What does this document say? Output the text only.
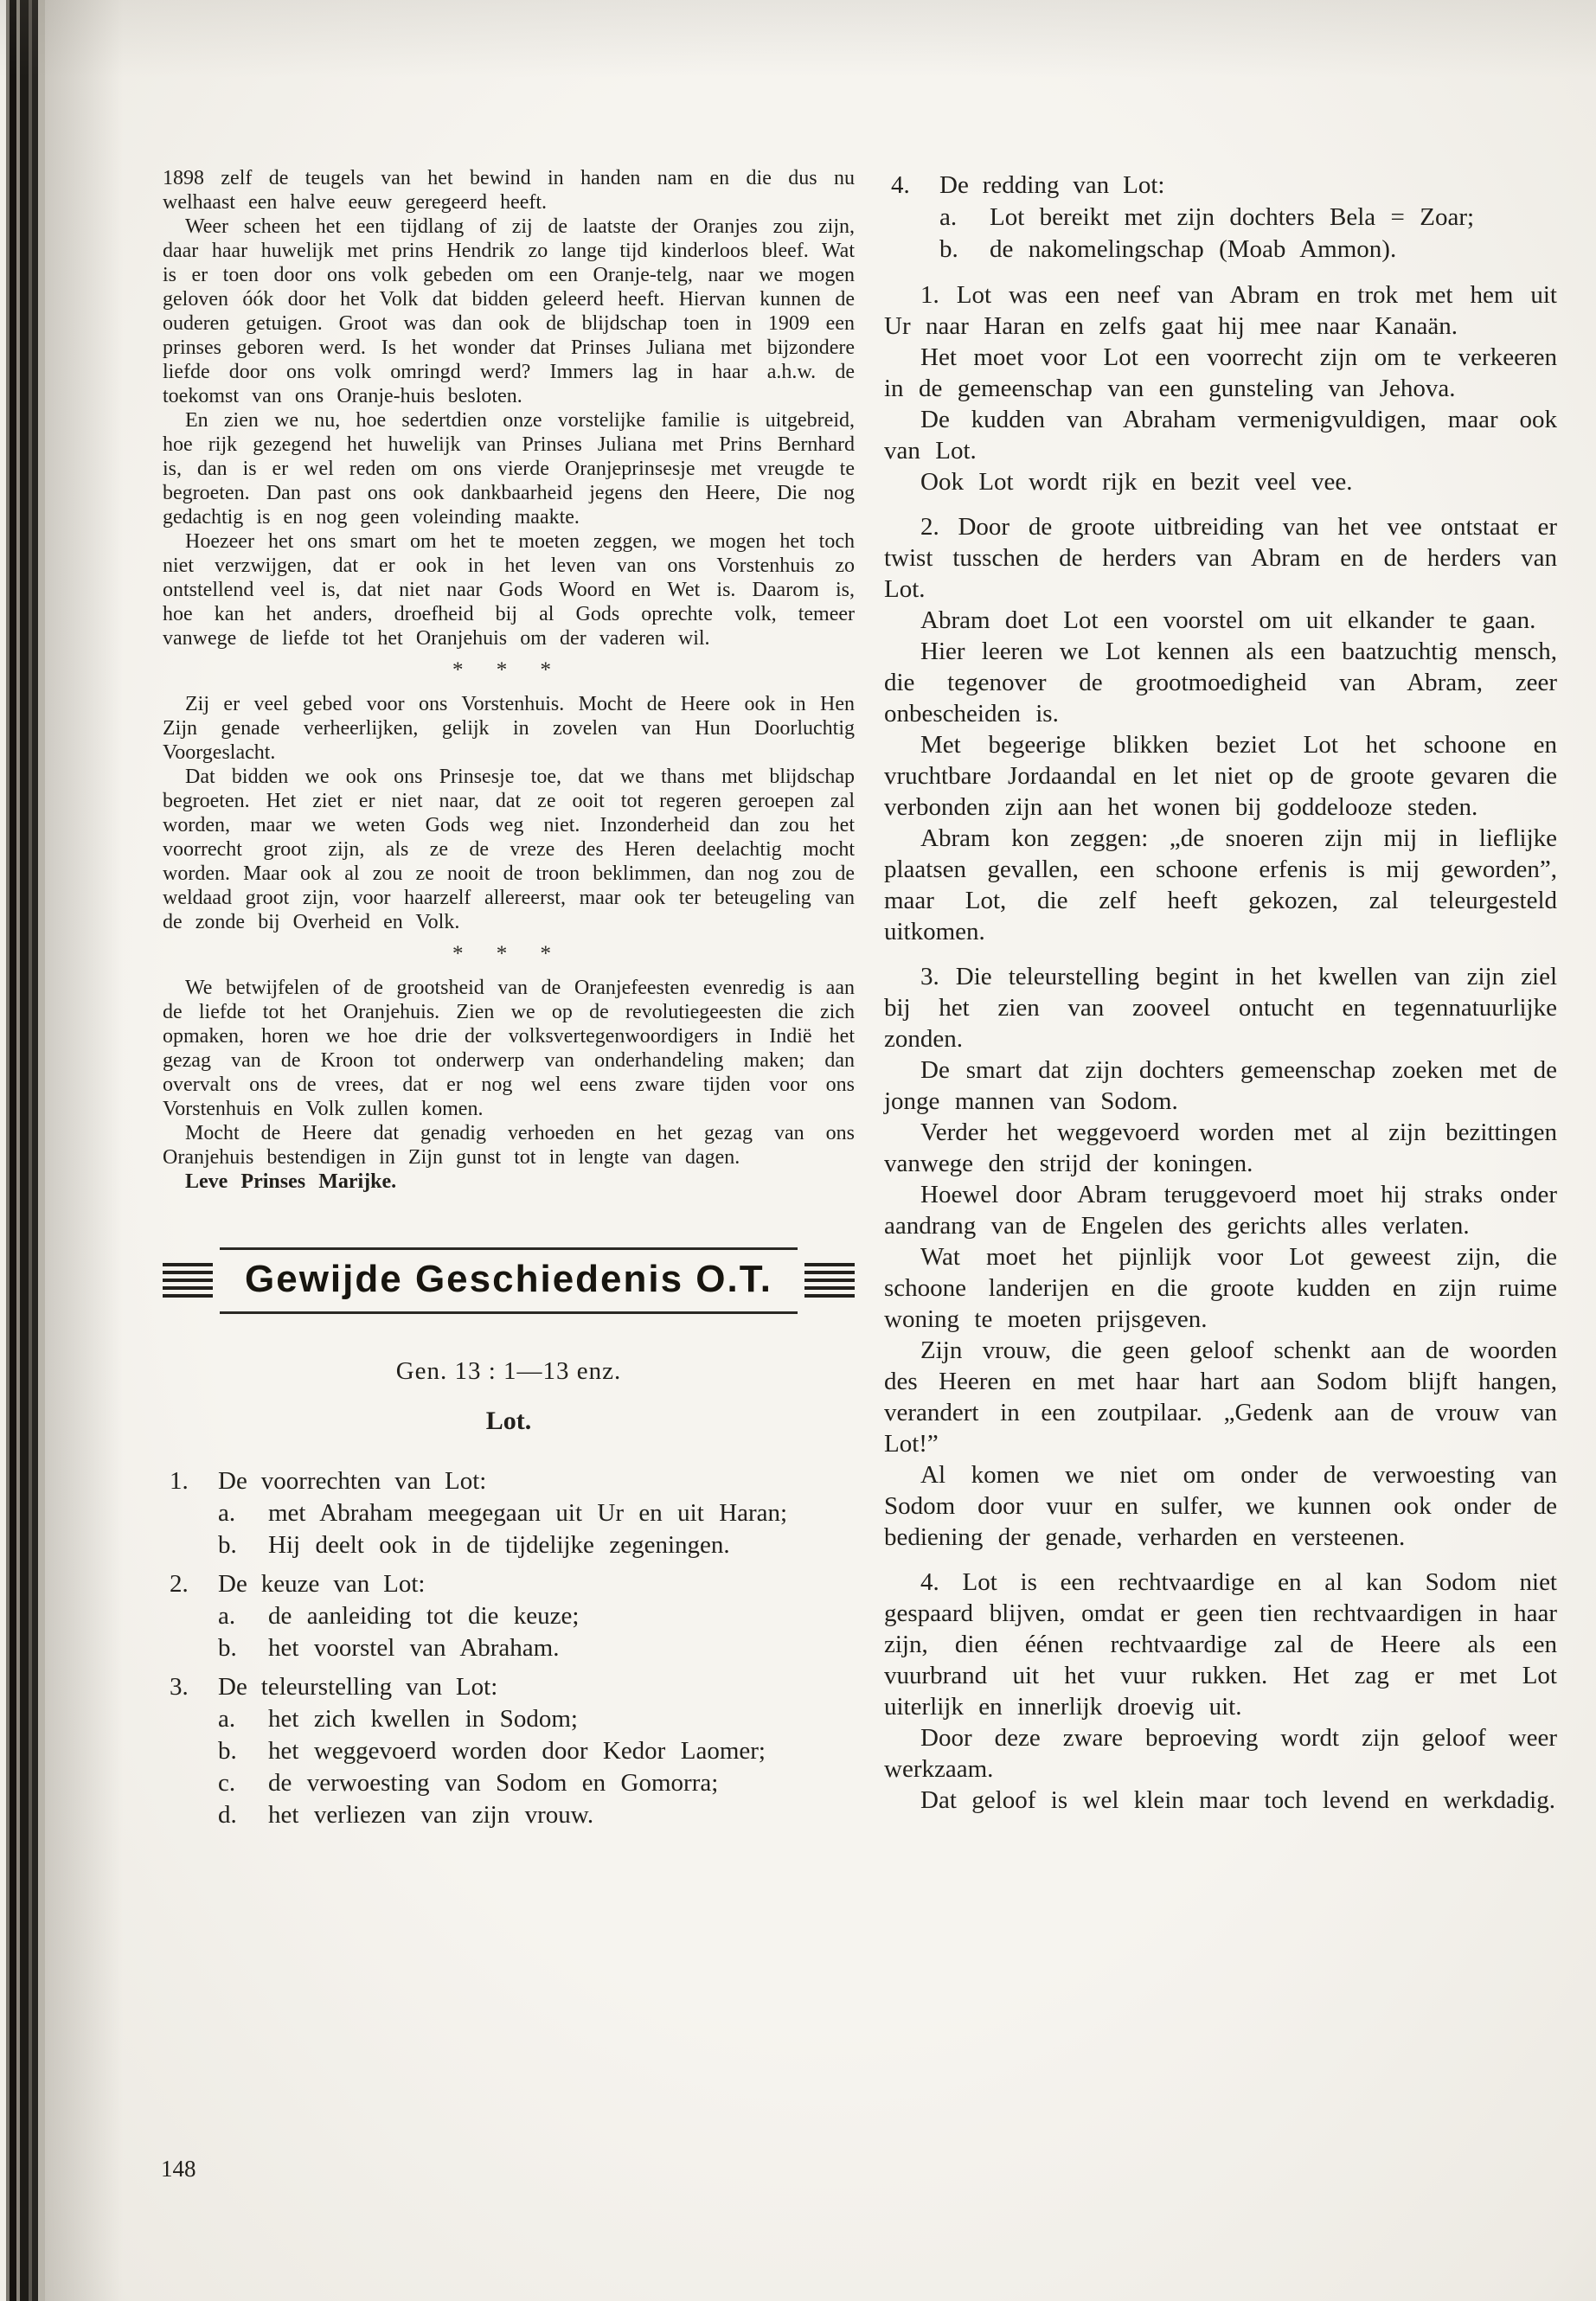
1898 zelf de teugels van het bewind in handen nam en die dus nu welhaast een halve eeuw geregeerd heeft.

Weer scheen het een tijdlang of zij de laatste der Oranjes zou zijn, daar haar huwelijk met prins Hendrik zo lange tijd kinderloos bleef. Wat is er toen door ons volk gebeden om een Oranje-telg, naar we mogen geloven óók door het Volk dat bidden geleerd heeft. Hiervan kunnen de ouderen getuigen. Groot was dan ook de blijdschap toen in 1909 een prinses geboren werd. Is het wonder dat Prinses Juliana met bijzondere liefde door ons volk omringd werd? Immers lag in haar a.h.w. de toekomst van ons Oranje-huis besloten.

En zien we nu, hoe sedertdien onze vorstelijke familie is uitgebreid, hoe rijk gezegend het huwelijk van Prinses Juliana met Prins Bernhard is, dan is er wel reden om ons vierde Oranjeprinsesje met vreugde te begroeten. Dan past ons ook dankbaarheid jegens den Heere, Die nog gedachtig is en nog geen voleinding maakte.

Hoezeer het ons smart om het te moeten zeggen, we mogen het toch niet verzwijgen, dat er ook in het leven van ons Vorstenhuis zo ontstellend veel is, dat niet naar Gods Woord en Wet is. Daarom is, hoe kan het anders, droefheid bij al Gods oprechte volk, temeer vanwege de liefde tot het Oranjehuis om der vaderen wil.

* * *

Zij er veel gebed voor ons Vorstenhuis. Mocht de Heere ook in Hen Zijn genade verheerlijken, gelijk in zovelen van Hun Doorluchtig Voorgeslacht.

Dat bidden we ook ons Prinsesje toe, dat we thans met blijdschap begroeten. Het ziet er niet naar, dat ze ooit tot regeren geroepen zal worden, maar we weten Gods weg niet. Inzonderheid dan zou het voorrecht groot zijn, als ze de vreze des Heren deelachtig mocht worden. Maar ook al zou ze nooit de troon beklimmen, dan nog zou de weldaad groot zijn, voor haarzelf allereerst, maar ook ter beteugeling van de zonde bij Overheid en Volk.

* * *

We betwijfelen of de grootsheid van de Oranjefeesten evenredig is aan de liefde tot het Oranjehuis. Zien we op de revolutiegeesten die zich opmaken, horen we hoe drie der volksvertegenwoordigers in Indië het gezag van de Kroon tot onderwerp van onderhandeling maken; dan overvalt ons de vrees, dat er nog wel eens zware tijden voor ons Vorstenhuis en Volk zullen komen.

Mocht de Heere dat genadig verhoeden en het gezag van ons Oranjehuis bestendigen in Zijn gunst tot in lengte van dagen.

Leve Prinses Marijke.

Gewijde Geschiedenis O.T.
Gen. 13 : 1—13 enz.
Lot.
1.	De voorrechten van Lot:
a.	met Abraham meegegaan uit Ur en uit Haran;
b.	Hij deelt ook in de tijdelijke zegeningen.
2.	De keuze van Lot:
a.	de aanleiding tot die keuze;
b.	het voorstel van Abraham.
3.	De teleurstelling van Lot:
a.	het zich kwellen in Sodom;
b.	het weggevoerd worden door Kedor Laomer;
c.	de verwoesting van Sodom en Gomorra;
d.	het verliezen van zijn vrouw.
4.	De redding van Lot:
a.	Lot bereikt met zijn dochters Bela = Zoar;
b.	de nakomelingschap (Moab Ammon).

1. Lot was een neef van Abram en trok met hem uit Ur naar Haran en zelfs gaat hij mee naar Kanaän.

Het moet voor Lot een voorrecht zijn om te verkeeren in de gemeenschap van een gunsteling van Jehova.

De kudden van Abraham vermenigvuldigen, maar ook van Lot.

Ook Lot wordt rijk en bezit veel vee.

2. Door de groote uitbreiding van het vee ontstaat er twist tusschen de herders van Abram en de herders van Lot.

Abram doet Lot een voorstel om uit elkander te gaan.

Hier leeren we Lot kennen als een baatzuchtig mensch, die tegenover de grootmoedigheid van Abram, zeer onbescheiden is.

Met begeerige blikken beziet Lot het schoone en vruchtbare Jordaandal en let niet op de groote gevaren die verbonden zijn aan het wonen bij goddelooze steden.

Abram kon zeggen: „de snoeren zijn mij in lieflijke plaatsen gevallen, een schoone erfenis is mij geworden”, maar Lot, die zelf heeft gekozen, zal teleurgesteld uitkomen.

3. Die teleurstelling begint in het kwellen van zijn ziel bij het zien van zooveel ontucht en tegennatuurlijke zonden.

De smart dat zijn dochters gemeenschap zoeken met de jonge mannen van Sodom.

Verder het weggevoerd worden met al zijn bezittingen vanwege den strijd der koningen.

Hoewel door Abram teruggevoerd moet hij straks onder aandrang van de Engelen des gerichts alles verlaten.

Wat moet het pijnlijk voor Lot geweest zijn, die schoone landerijen en die groote kudden en zijn ruime woning te moeten prijsgeven.

Zijn vrouw, die geen geloof schenkt aan de woorden des Heeren en met haar hart aan Sodom blijft hangen, verandert in een zoutpilaar. „Gedenk aan de vrouw van Lot!”

Al komen we niet om onder de verwoesting van Sodom door vuur en sulfer, we kunnen ook onder de bediening der genade, verharden en versteenen.

4. Lot is een rechtvaardige en al kan Sodom niet gespaard blijven, omdat er geen tien rechtvaardigen in haar zijn, dien éénen rechtvaardige zal de Heere als een vuurbrand uit het vuur rukken. Het zag er met Lot uiterlijk en innerlijk droevig uit.

Door deze zware beproeving wordt zijn geloof weer werkzaam.

Dat geloof is wel klein maar toch levend en werkdadig.

148
